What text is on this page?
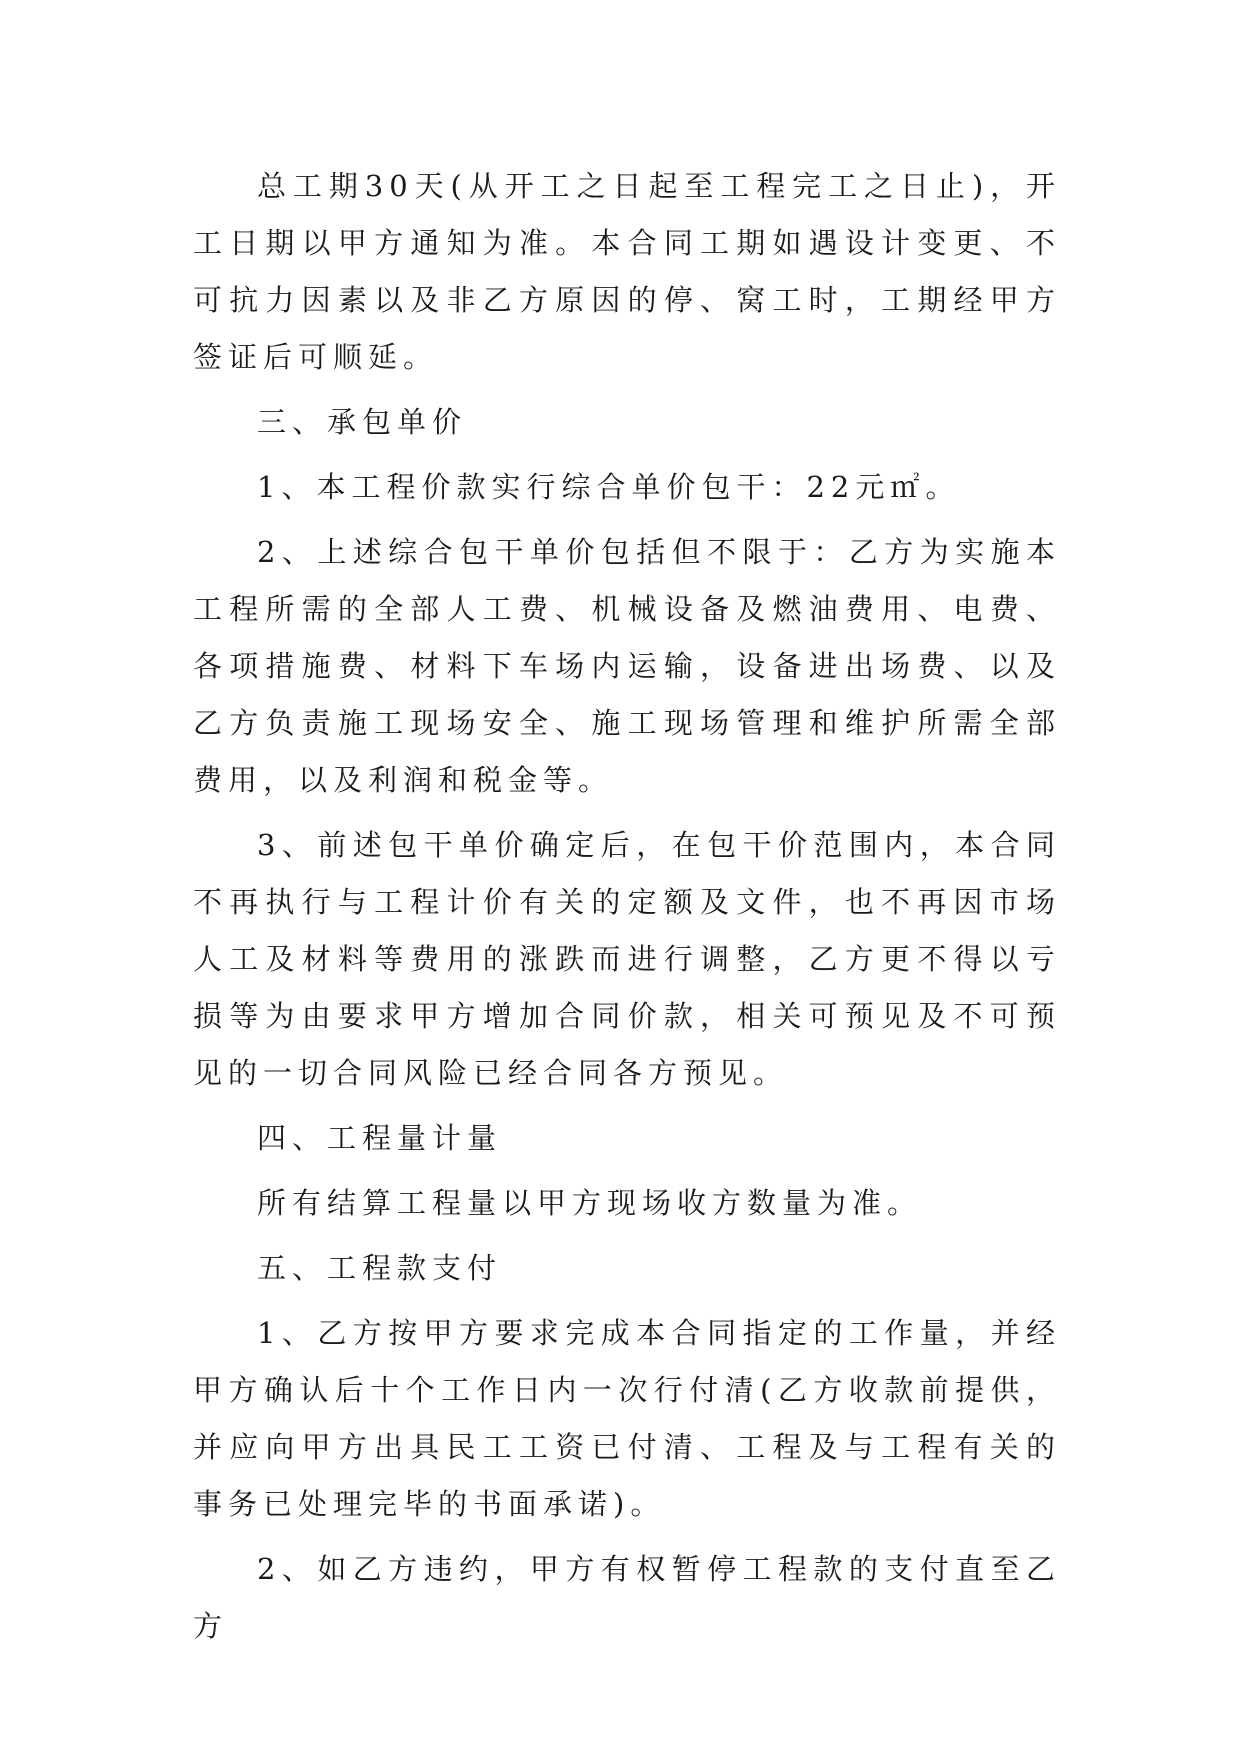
总工期30天(从开工之日起至工程完工之日止)，开工日期以甲方通知为准。本合同工期如遇设计变更、不可抗力因素以及非乙方原因的停、窝工时，工期经甲方签证后可顺延。

三、承包单价

1、本工程价款实行综合单价包干：22元㎡。

2、上述综合包干单价包括但不限于：乙方为实施本工程所需的全部人工费、机械设备及燃油费用、电费、各项措施费、材料下车场内运输，设备进出场费、以及乙方负责施工现场安全、施工现场管理和维护所需全部费用，以及利润和税金等。

3、前述包干单价确定后，在包干价范围内，本合同不再执行与工程计价有关的定额及文件，也不再因市场人工及材料等费用的涨跌而进行调整，乙方更不得以亏损等为由要求甲方增加合同价款，相关可预见及不可预见的一切合同风险已经合同各方预见。

四、工程量计量

所有结算工程量以甲方现场收方数量为准。

五、工程款支付

1、乙方按甲方要求完成本合同指定的工作量，并经甲方确认后十个工作日内一次行付清(乙方收款前提供，并应向甲方出具民工工资已付清、工程及与工程有关的事务已处理完毕的书面承诺)。

2、如乙方违约，甲方有权暂停工程款的支付直至乙方
